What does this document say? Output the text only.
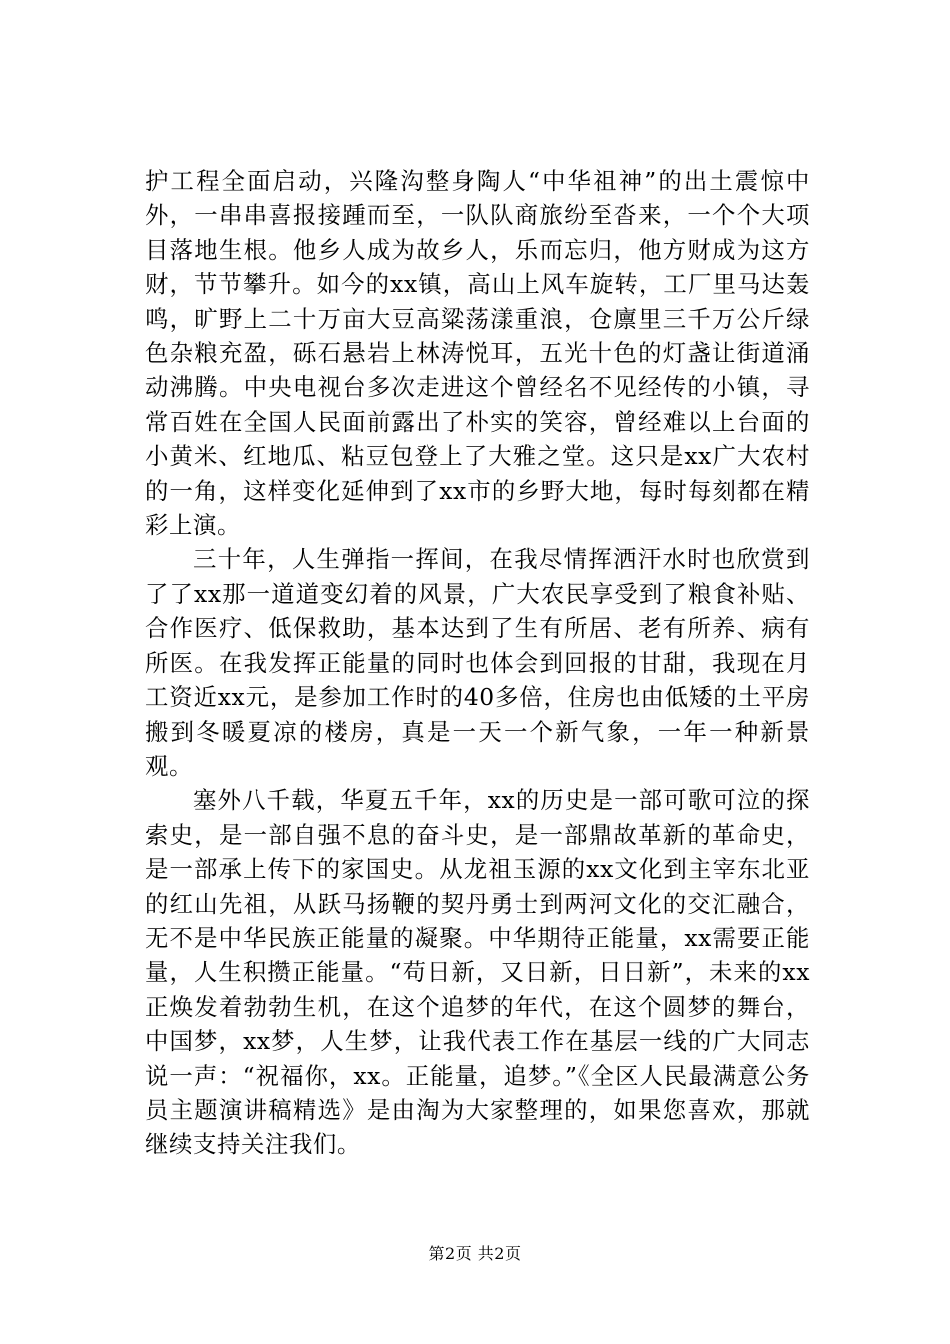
护工程全面启动，兴隆沟整身陶人“中华祖神”的出土震惊中外，一串串喜报接踵而至，一队队商旅纷至沓来，一个个大项目落地生根。他乡人成为故乡人，乐而忘归，他方财成为这方财，节节攀升。如今的xx镇，高山上风车旋转，工厂里马达轰鸣，旷野上二十万亩大豆高粱荡漾重浪，仓廪里三千万公斤绿色杂粮充盈，砾石悬岩上林涛悦耳，五光十色的灯盏让街道涌动沸腾。中央电视台多次走进这个曾经名不见经传的小镇，寻常百姓在全国人民面前露出了朴实的笑容，曾经难以上台面的小黄米、红地瓜、粘豆包登上了大雅之堂。这只是xx广大农村的一角，这样变化延伸到了xx市的乡野大地，每时每刻都在精彩上演。

三十年，人生弹指一挥间，在我尽情挥洒汗水时也欣赏到了了xx那一道道变幻着的风景，广大农民享受到了粮食补贴、合作医疗、低保救助，基本达到了生有所居、老有所养、病有所医。在我发挥正能量的同时也体会到回报的甘甜，我现在月工资近xx元，是参加工作时的40多倍，住房也由低矮的土平房搬到冬暖夏凉的楼房，真是一天一个新气象，一年一种新景观。

塞外八千载，华夏五千年，xx的历史是一部可歌可泣的探索史，是一部自强不息的奋斗史，是一部鼎故革新的革命史，是一部承上传下的家国史。从龙祖玉源的xx文化到主宰东北亚的红山先祖，从跃马扬鞭的契丹勇士到两河文化的交汇融合，无不是中华民族正能量的凝聚。中华期待正能量，xx需要正能量，人生积攒正能量。“苟日新，又日新，日日新”，未来的xx正焕发着勃勃生机，在这个追梦的年代，在这个圆梦的舞台，中国梦，xx梦，人生梦，让我代表工作在基层一线的广大同志说一声：“祝福你，xx。正能量，追梦。”《全区人民最满意公务员主题演讲稿精选》是由淘为大家整理的，如果您喜欢，那就继续支持关注我们。

第2页 共2页
